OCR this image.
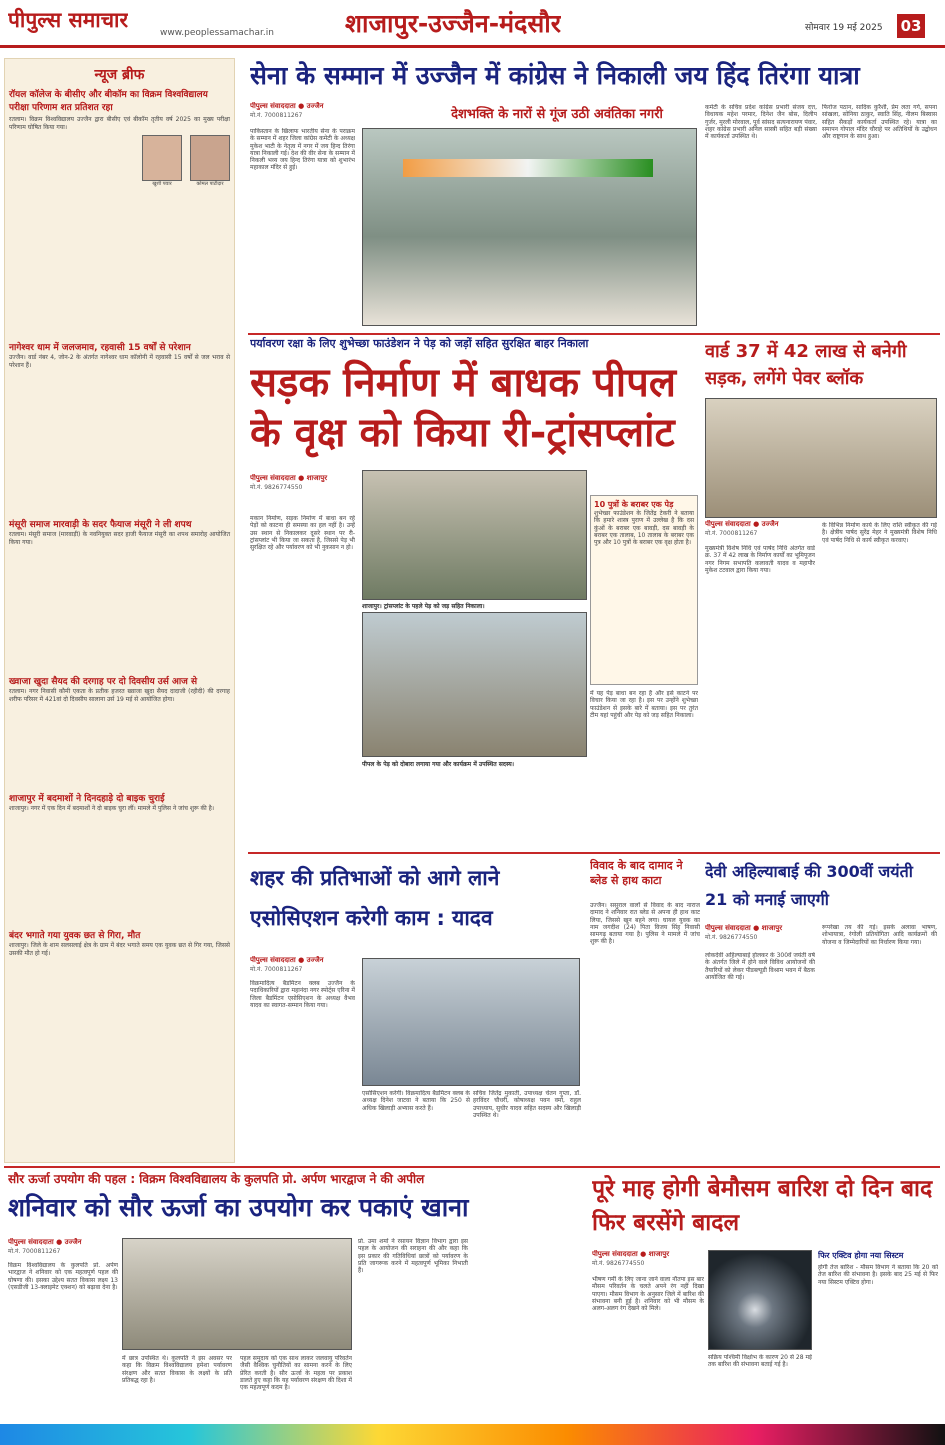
पीपुल्स समाचार
www.peoplessamachar.in	शाजापुर-उज्जैन-मंदसौर	सोमवार 19 मई 2025 03
न्यूज ब्रीफ
रॉयल कॉलेज के बीसीए और बीकॉम का विक्रम विश्वविद्यालय परीक्षा परिणाम शत प्रतिशत रहा
रतलाम। विक्रम विश्वविद्यालय उज्जैन द्वारा बीसीए एवं बीकॉम तृतीय वर्ष 2025 का मुख्य परीक्षा परिणाम घोषित किया गया।
खुशी पवार	कोमल पाटीदार
नागेश्वर धाम में जलजमाव, रहवासी 15 वर्षों से परेशान
उज्जैन। वार्ड नंबर 4, जोन-2 के अंतर्गत नागेश्वर धाम कॉलोनी में रहवासी 15 वर्षों से जल भराव से परेशान हैं।
मंसूरी समाज मारवाड़ी के सदर फैयाज मंसूरी ने ली शपथ
रतलाम। मंसूरी समाज (मारवाड़ी) के नवनियुक्त सदर हाजी फैयाज मंसूरी का शपथ समारोह आयोजित किया गया।
ख्वाजा खुदा सैयद की दरगाह पर दो दिवसीय उर्स आज से
रतलाम। नगर निवासी कौमी एकता के प्रतीक हजरत ख्वाजा खुदा सैयद दादाजी (रहीदी) की दरगाह शरीफ परिसर में 421वां दो दिवसीय सालाना उर्स 19 मई से आयोजित होगा।
शाजापुर में बदमाशों ने दिनदहाड़े दो बाइक चुराई
शाजापुर। नगर में एक दिन में बदमाशों ने दो बाइक चुरा लीं। मामले में पुलिस ने जांच शुरू की है।
बंदर भगाते गया युवक छत से गिरा, मौत
शाजापुर। जिले के शाम सलसलाई क्षेत्र के ग्राम में बंदर भगाते समय एक युवक छत से गिर गया, जिससे उसकी मौत हो गई।
सेना के सम्मान में उज्जैन में कांग्रेस ने निकाली जय हिंद तिरंगा यात्रा
पीपुल्स संवाददाता ● उज्जैन
मो.नं. 7000811267	देशभक्ति के नारों से गूंज उठी अवंतिका नगरी
पाकिस्तान के खिलाफ भारतीय सेना के पराक्रम के सम्मान में शहर जिला कांग्रेस कमेटी के अध्यक्ष मुकेश भाटी के नेतृत्व में नगर में जय हिन्द तिरंगा यात्रा निकाली गई। देश की वीर सेना के सम्मान में निकली भव्य जय हिन्द तिरंगा यात्रा को शुभारंभ महाकाल मंदिर से हुई।
कमेटी के सचिव प्रदेश कांग्रेस प्रभारी संजय दत्त, विधायक महेश परमार, दिनेश जैन बोस, दिलीप गुर्जर, मुरली मोरवाल, पूर्व सांसद सत्यनारायण पंवार, शहर कांग्रेस प्रभारी अनिल सास्त्री सहित बड़ी संख्या में कार्यकर्ता उपस्थित थे।
फिरोज पठान, सादिक कुरैशी, प्रेम लता गर्ग, सपना सांखला, सोनिया ठाकुर, स्वाति सिंह, नीलम बिस्वास सहित सैकड़ों कार्यकर्ता उपस्थित रहे। यात्रा का समापन गोपाल मंदिर चौराहे पर अतिथियों के उद्बोधन और राष्ट्रगान के साथ हुआ।
पर्यावरण रक्षा के लिए शुभेच्छा फाउंडेशन ने पेड़ को जड़ों सहित सुरक्षित बाहर निकाला
सड़क निर्माण में बाधक पीपल के वृक्ष को किया री-ट्रांसप्लांट
पीपुल्स संवाददाता ● शाजापुर
मो.नं. 9826774550
मकान निर्माण, सड़क निर्माण में बाधा बन रहे पेड़ों को काटना ही समस्या का हल नहीं है। उन्हें उस स्थान से निकालकर दूसरे स्थान पर री-ट्रांसप्लांट भी किया जा सकता है, जिससे पेड़ भी सुरक्षित रहे और पर्यावरण को भी नुकसान न हो।
शाजापुर। ट्रांसप्लांट के पहले पेड़ को जड़ सहित निकाला।
पीपल के पेड़ को दोबारा लगाया गया और कार्यक्रम में उपस्थित सदस्य।
10 पुत्रों के बराबर एक पेड़
शुभेच्छा फाउंडेशन के जितेंद्र टेकरी ने बताया कि हमारे शास्त्र पुराण में उल्लेख है कि दस कुंओं के बराबर एक बावड़ी, दस बावड़ी के बराबर एक तालाब, 10 तालाब के बराबर एक पुत्र और 10 पुत्रों के बराबर एक वृक्ष होता है।
में यह पेड़ बाधा बन रहा है और इसे काटने पर विचार किया जा रहा है। इस पर उन्होंने शुभेच्छा फाउंडेशन से इसके बारे में बताया। इस पर तुरंत टीम यहां पहुंची और पेड़ को जड़ सहित निकाला।
वार्ड 37 में 42 लाख से बनेगी सड़क, लगेंगे पेवर ब्लॉक
पीपुल्स संवाददाता ● उज्जैन
मो.नं. 7000811267
मुख्यमंत्री विशेष निधि एवं पार्षद निधि अंतर्गत वार्ड क्र. 37 में 42 लाख के निर्माण कार्यों का भूमिपूजन नगर निगम सभापति कलावती यादव व महापौर मुकेश टटवाल द्वारा किया गया।
के विभिन्न निर्माण कार्य के लिए राशि स्वीकृत की गई है। क्षेत्रीय पार्षद सुरेंद्र मेहर ने मुख्यमंत्री विशेष निधि एवं पार्षद निधि से कार्य स्वीकृत करवाए।
शहर की प्रतिभाओं को आगे लाने एसोसिएशन करेगी काम : यादव
पीपुल्स संवाददाता ● उज्जैन
मो.नं. 7000811267
विक्रमादित्य बैडमिंटन क्लब उज्जैन के पदाधिकारियों द्वारा महानंदा नगर स्पोर्ट्स एरिना में जिला बैडमिंटन एसोसिएशन के अध्यक्ष वैभव यादव का स्वागत-सम्मान किया गया।
एसोसिएशन करेगी। विक्रमादित्य बैडमिंटन क्लब के अध्यक्ष दिनेश जाटवा ने बताया कि 250 से अधिक खिलाड़ी अभ्यास करते हैं।
सचिव जितेंद्र मुकाती, उपाध्यक्ष चेतन गुप्ता, डॉ. हरविंदर चौधरी, कोषाध्यक्ष पवन वर्मा, राहुल उपाध्याय, सुधीर यादव सहित सदस्य और खिलाड़ी उपस्थित थे।
विवाद के बाद दामाद ने ब्लेड से हाथ काटा
उज्जैन। ससुराल वालों से विवाद के बाद नाराज दामाद ने शनिवार रात ब्लेड से अपना ही हाथ काट लिया, जिससे खून बहने लगा। घायल युवक का नाम जगदीश (24) पिता विजय सिंह निवासी सामगढ़ बताया गया है। पुलिस ने मामले में जांच शुरू की है।
देवी अहिल्याबाई की 300वीं जयंती 21 को मनाई जाएगी
पीपुल्स संवाददाता ● शाजापुर
मो.नं. 9826774550
लोकदेवी अहिल्याबाई होलकर के 300वें जयंती वर्ष के अंतर्गत जिले में होने वाले विविध आयोजनों की तैयारियों को लेकर पीडब्ल्यूडी विश्राम भवन में बैठक आयोजित की गई।
रूपरेखा तय की गई। इसके अलावा भाषण, शोभायात्रा, रंगोली प्रतियोगिता आदि कार्यक्रमों की योजना व जिम्मेदारियों का निर्धारण किया गया।
सौर ऊर्जा उपयोग की पहल : विक्रम विश्वविद्यालय के कुलपति प्रो. अर्पण भारद्वाज ने की अपील
शनिवार को सौर ऊर्जा का उपयोग कर पकाएं खाना
पीपुल्स संवाददाता ● उज्जैन
मो.नं. 7000811267
विक्रम विश्वविद्यालय के कुलपति प्रो. अर्पण भारद्वाज ने शनिवार को एक महत्वपूर्ण पहल की घोषणा की। इसका उद्देश्य सतत विकास लक्ष्य 13 (एसडीजी 13-क्लाइमेट एक्शन) को बढ़ावा देना है।
में छात्र उपस्थित थे। कुलपति ने इस अवसर पर कहा कि विक्रम विश्वविद्यालय हमेशा पर्यावरण संरक्षण और सतत विकास के लक्ष्यों के प्रति प्रतिबद्ध रहा है।
पहल समुदाय को एक साथ लाकर जलवायु परिवर्तन जैसी वैश्विक चुनौतियों का सामना करने के लिए प्रेरित करती है। सौर ऊर्जा के महत्व पर प्रकाश डालते हुए कहा कि यह पर्यावरण संरक्षण की दिशा में एक महत्वपूर्ण कदम है।
प्रो. उमा शर्मा ने रसायन विज्ञान विभाग द्वारा इस पहल के आयोजन की सराहना की और कहा कि इस प्रकार की गतिविधियां छात्रों को पर्यावरण के प्रति जागरूक करने में महत्वपूर्ण भूमिका निभाती हैं।
पूरे माह होगी बेमौसम बारिश दो दिन बाद फिर बरसेंगे बादल
पीपुल्स संवाददाता ● शाजापुर
मो.नं. 9826774550
भीषण गर्मी के लिए जाना जाने वाला नौतपा इस बार मौसम परिवर्तन के चलते अपने रंग नहीं दिखा पाएगा। मौसम विभाग के अनुसार जिले में बारिश की संभावना बनी हुई है। शनिवार को भी मौसम के अलग-अलग रंग देखने को मिले।
सक्रिय पश्चिमी विक्षोभ के कारण 20 से 28 मई तक बारिश की संभावना बताई गई है।
फिर एक्टिव होगा नया सिस्टम
होगी तेज बारिश - मौसम विभाग ने बताया कि 20 को तेज बारिश की संभावना है। इसके बाद 25 मई से फिर नया सिस्टम एक्टिव होगा।
